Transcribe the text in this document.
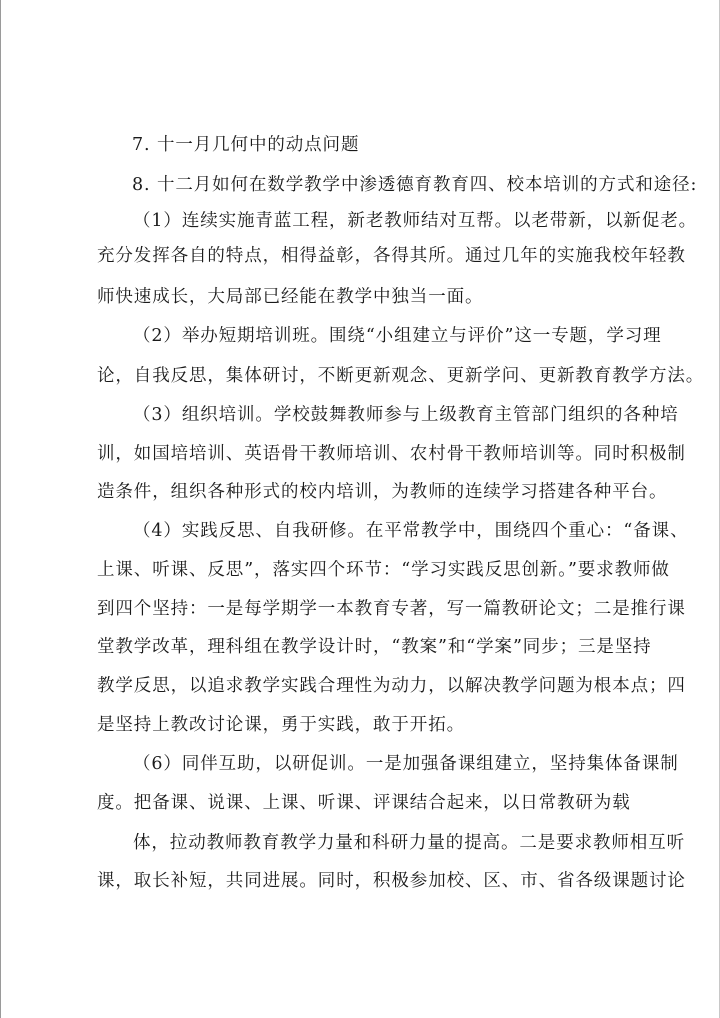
7. 十一月几何中的动点问题
8. 十二月如何在数学教学中渗透德育教育四、校本培训的方式和途径:
（1）连续实施青蓝工程，新老教师结对互帮。以老带新，以新促老。
充分发挥各自的特点，相得益彰，各得其所。通过几年的实施我校年轻教
师快速成长，大局部已经能在教学中独当一面。
（2）举办短期培训班。围绕“小组建立与评价”这一专题，学习理
论，自我反思，集体研讨，不断更新观念、更新学问、更新教育教学方法。
（3）组织培训。学校鼓舞教师参与上级教育主管部门组织的各种培
训，如国培培训、英语骨干教师培训、农村骨干教师培训等。同时积极制
造条件，组织各种形式的校内培训，为教师的连续学习搭建各种平台。
（4）实践反思、自我研修。在平常教学中，围绕四个重心：“备课、
上课、听课、反思”，落实四个环节：“学习实践反思创新。”要求教师做
到四个坚持：一是每学期学一本教育专著，写一篇教研论文；二是推行课
堂教学改革，理科组在教学设计时，“教案”和“学案”同步；三是坚持
教学反思，以追求教学实践合理性为动力，以解决教学问题为根本点；四
是坚持上教改讨论课，勇于实践，敢于开拓。
（6）同伴互助，以研促训。一是加强备课组建立，坚持集体备课制
度。把备课、说课、上课、听课、评课结合起来，以日常教研为载
体，拉动教师教育教学力量和科研力量的提高。二是要求教师相互听
课，取长补短，共同进展。同时，积极参加校、区、市、省各级课题讨论
